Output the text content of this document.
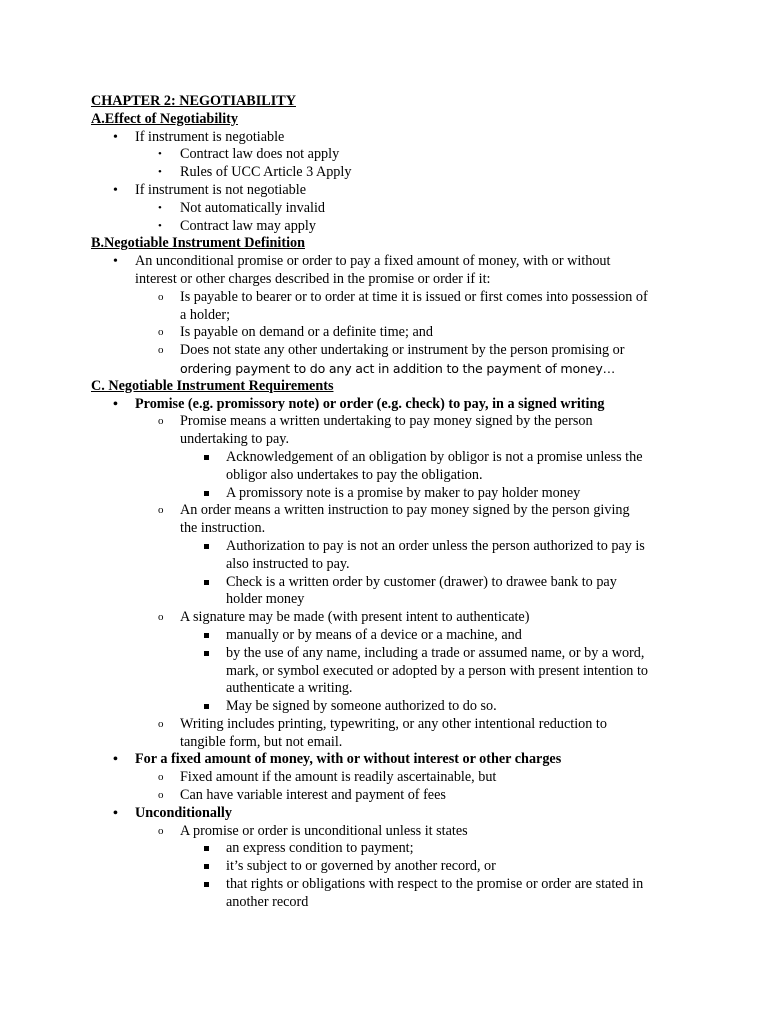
CHAPTER 2: NEGOTIABILITY
A.Effect of Negotiability
• If instrument is negotiable
• Contract law does not apply
• Rules of UCC Article 3 Apply
• If instrument is not negotiable
• Not automatically invalid
• Contract law may apply
B.Negotiable Instrument Definition
• An unconditional promise or order to pay a fixed amount of money, with or without
interest or other charges described in the promise or order if it:
o Is payable to bearer or to order at time it is issued or first comes into possession of
a holder;
o Is payable on demand or a definite time; and
o Does not state any other undertaking or instrument by the person promising or
ordering payment to do any act in addition to the payment of money…
C. Negotiable Instrument Requirements
• Promise (e.g. promissory note) or order (e.g. check) to pay, in a signed writing
o Promise means a written undertaking to pay money signed by the person
undertaking to pay.
Acknowledgement of an obligation by obligor is not a promise unless the
obligor also undertakes to pay the obligation.
A promissory note is a promise by maker to pay holder money
o An order means a written instruction to pay money signed by the person giving
the instruction.
Authorization to pay is not an order unless the person authorized to pay is
also instructed to pay.
Check is a written order by customer (drawer) to drawee bank to pay
holder money
o A signature may be made (with present intent to authenticate)
manually or by means of a device or a machine, and
by the use of any name, including a trade or assumed name, or by a word,
mark, or symbol executed or adopted by a person with present intention to
authenticate a writing.
May be signed by someone authorized to do so.
o Writing includes printing, typewriting, or any other intentional reduction to
tangible form, but not email.
• For a fixed amount of money, with or without interest or other charges
o Fixed amount if the amount is readily ascertainable, but
o Can have variable interest and payment of fees
• Unconditionally
o A promise or order is unconditional unless it states
an express condition to payment;
it’s subject to or governed by another record, or
that rights or obligations with respect to the promise or order are stated in
another record
